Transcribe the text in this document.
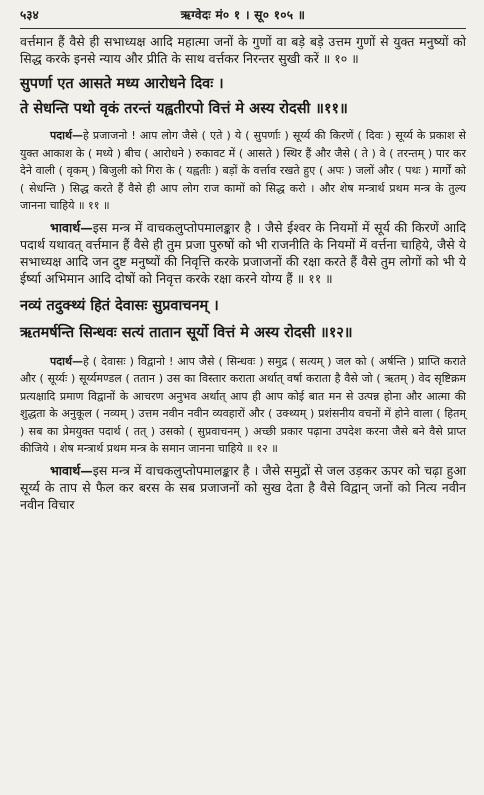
५३४	ऋग्वेदः मं० १ । सू० १०५ ॥

वर्त्तमान हैं वैसे ही सभाध्यक्ष आदि महात्मा जनों के गुणों वा बड़े बड़े उत्तम गुणों से युक्त मनुष्यों को सिद्ध करके इनसे न्याय और प्रीति के साथ वर्त्तकर निरन्तर सुखी करें ॥ १० ॥

सुपर्णा एत आसते मध्य आरोधने दिवः ।

ते सेधन्ति पथो वृकं तरन्तं यह्वतीरपो वित्तं मे अस्य रोदसी ॥११॥

पदार्थ—हे प्रजाजनो ! आप लोग जैसे ( एते ) ये ( सुपर्णाः ) सूर्य्य की किरणें ( दिवः ) सूर्य्य के प्रकाश से युक्त आकाश के ( मध्ये ) बीच ( आरोधने ) रुकावट में ( आसते ) स्थिर हैं और जैसे ( ते ) वे ( तरन्तम् ) पार कर देने वाली ( वृकम् ) बिजुली को गिरा के ( यह्वतीः ) बड़ों के वर्त्ताव रखते हुए ( अपः ) जलों और ( पथः ) मार्गों को ( सेधन्ति ) सिद्ध करते हैं वैसे ही आप लोग राज कामों को सिद्ध करो । और शेष मन्त्रार्थ प्रथम मन्त्र के तुल्य जानना चाहिये ॥ ११ ॥

भावार्थ—इस मन्त्र में वाचकलुप्तोपमालङ्कार है । जैसे ईश्वर के नियमों में सूर्य की किरणें आदि पदार्थ यथावत् वर्त्तमान हैं वैसे ही तुम प्रजा पुरुषों को भी राजनीति के नियमों में वर्त्तना चाहिये, जैसे ये सभाध्यक्ष आदि जन दुष्ट मनुष्यों की निवृत्ति करके प्रजाजनों की रक्षा करते हैं वैसे तुम लोगों को भी ये ईर्ष्या अभिमान आदि दोषों को निवृत्त करके रक्षा करने योग्य हैं ॥ ११ ॥

नव्यं तदुक्थ्यं हितं देवासः सुप्रवाचनम् ।

ऋतमर्षन्ति सिन्धवः सत्यं तातान सूर्यो वित्तं मे अस्य रोदसी ॥१२॥

पदार्थ—हे ( देवासः ) विद्वानो ! आप जैसे ( सिन्धवः ) समुद्र ( सत्यम् ) जल को ( अर्षन्ति ) प्राप्ति कराते और ( सूर्य्यः ) सूर्य्यमण्डल ( ततान ) उस का विस्तार कराता अर्थात् वर्षा कराता है वैसे जो ( ऋतम् ) वेद सृष्टिक्रम प्रत्यक्षादि प्रमाण विद्वानों के आचरण अनुभव अर्थात् आप ही आप कोई बात मन से उत्पन्न होना और आत्मा की शुद्धता के अनुकूल ( नव्यम् ) उत्तम नवीन नवीन व्यवहारों और ( उक्थ्यम् ) प्रशंसनीय वचनों में होने वाला ( हितम् ) सब का प्रेमयुक्त पदार्थ ( तत् ) उसको ( सुप्रवाचनम् ) अच्छी प्रकार पढ़ाना उपदेश करना जैसे बने वैसे प्राप्त कीजिये । शेष मन्त्रार्थ प्रथम मन्त्र के समान जानना चाहिये ॥ १२ ॥

भावार्थ—इस मन्त्र में वाचकलुप्तोपमालङ्कार है । जैसे समुद्रों से जल उड़कर ऊपर को चढ़ा हुआ सूर्य्य के ताप से फैल कर बरस के सब प्रजाजनों को सुख देता है वैसे विद्वान् जनों को नित्य नवीन नवीन विचार
